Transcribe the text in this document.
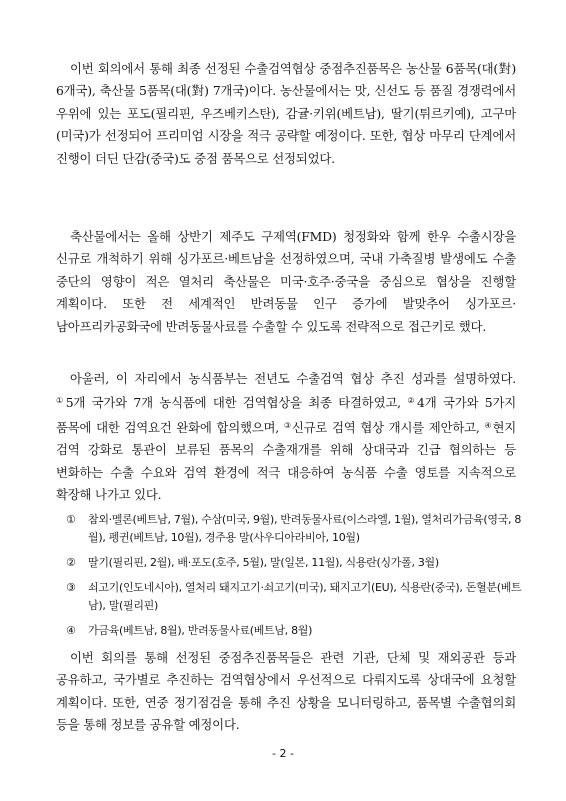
이번 회의에서 통해 최종 선정된 수출검역협상 중점추진품목은 농산물 6품목(대(對) 6개국), 축산물 5품목(대(對) 7개국)이다. 농산물에서는 맛, 신선도 등 품질 경쟁력에서 우위에 있는 포도(필리핀, 우즈베키스탄), 감귤·키위(베트남), 딸기(튀르키예), 고구마(미국)가 선정되어 프리미엄 시장을 적극 공략할 예정이다. 또한, 협상 마무리 단계에서 진행이 더딘 단감(중국)도 중점 품목으로 선정되었다.

축산물에서는 올해 상반기 제주도 구제역(FMD) 청정화와 함께 한우 수출시장을 신규로 개척하기 위해 싱가포르·베트남을 선정하였으며, 국내 가축질병 발생에도 수출 중단의 영향이 적은 열처리 축산물은 미국·호주·중국을 중심으로 협상을 진행할 계획이다. 또한 전 세계적인 반려동물 인구 증가에 발맞추어 싱가포르·남아프리카공화국에 반려동물사료를 수출할 수 있도록 전략적으로 접근키로 했다.

아울러, 이 자리에서 농식품부는 전년도 수출검역 협상 추진 성과를 설명하였다. ①5개 국가와 7개 농식품에 대한 검역협상을 최종 타결하였고, ②4개 국가와 5가지 품목에 대한 검역요건 완화에 합의했으며, ③신규로 검역 협상 개시를 제안하고, ④현지 검역 강화로 통관이 보류된 품목의 수출재개를 위해 상대국과 긴급 협의하는 등 변화하는 수출 수요와 검역 환경에 적극 대응하여 농식품 수출 영토를 지속적으로 확장해 나가고 있다.

① 참외·멜론(베트남, 7월), 수삼(미국, 9월), 반려동물사료(이스라엘, 1월), 열처리가금육(영국, 8월), 펭귄(베트남, 10월), 경주용 말(사우디아라비아, 10월)
② 딸기(필리핀, 2월), 배·포도(호주, 5월), 말(일본, 11월), 식용란(싱가폴, 3월)
③ 쇠고기(인도네시아), 열처리 돼지고기·쇠고기(미국), 돼지고기(EU), 식용란(중국), 돈혈분(베트남), 말(필리핀)
④ 가금육(베트남, 8월), 반려동물사료(베트남, 8월)

이번 회의를 통해 선정된 중점추진품목들은 관련 기관, 단체 및 재외공관 등과 공유하고, 국가별로 추진하는 검역협상에서 우선적으로 다뤄지도록 상대국에 요청할 계획이다. 또한, 연중 정기점검을 통해 추진 상황을 모니터링하고, 품목별 수출협의회 등을 통해 정보를 공유할 예정이다.

- 2 -
